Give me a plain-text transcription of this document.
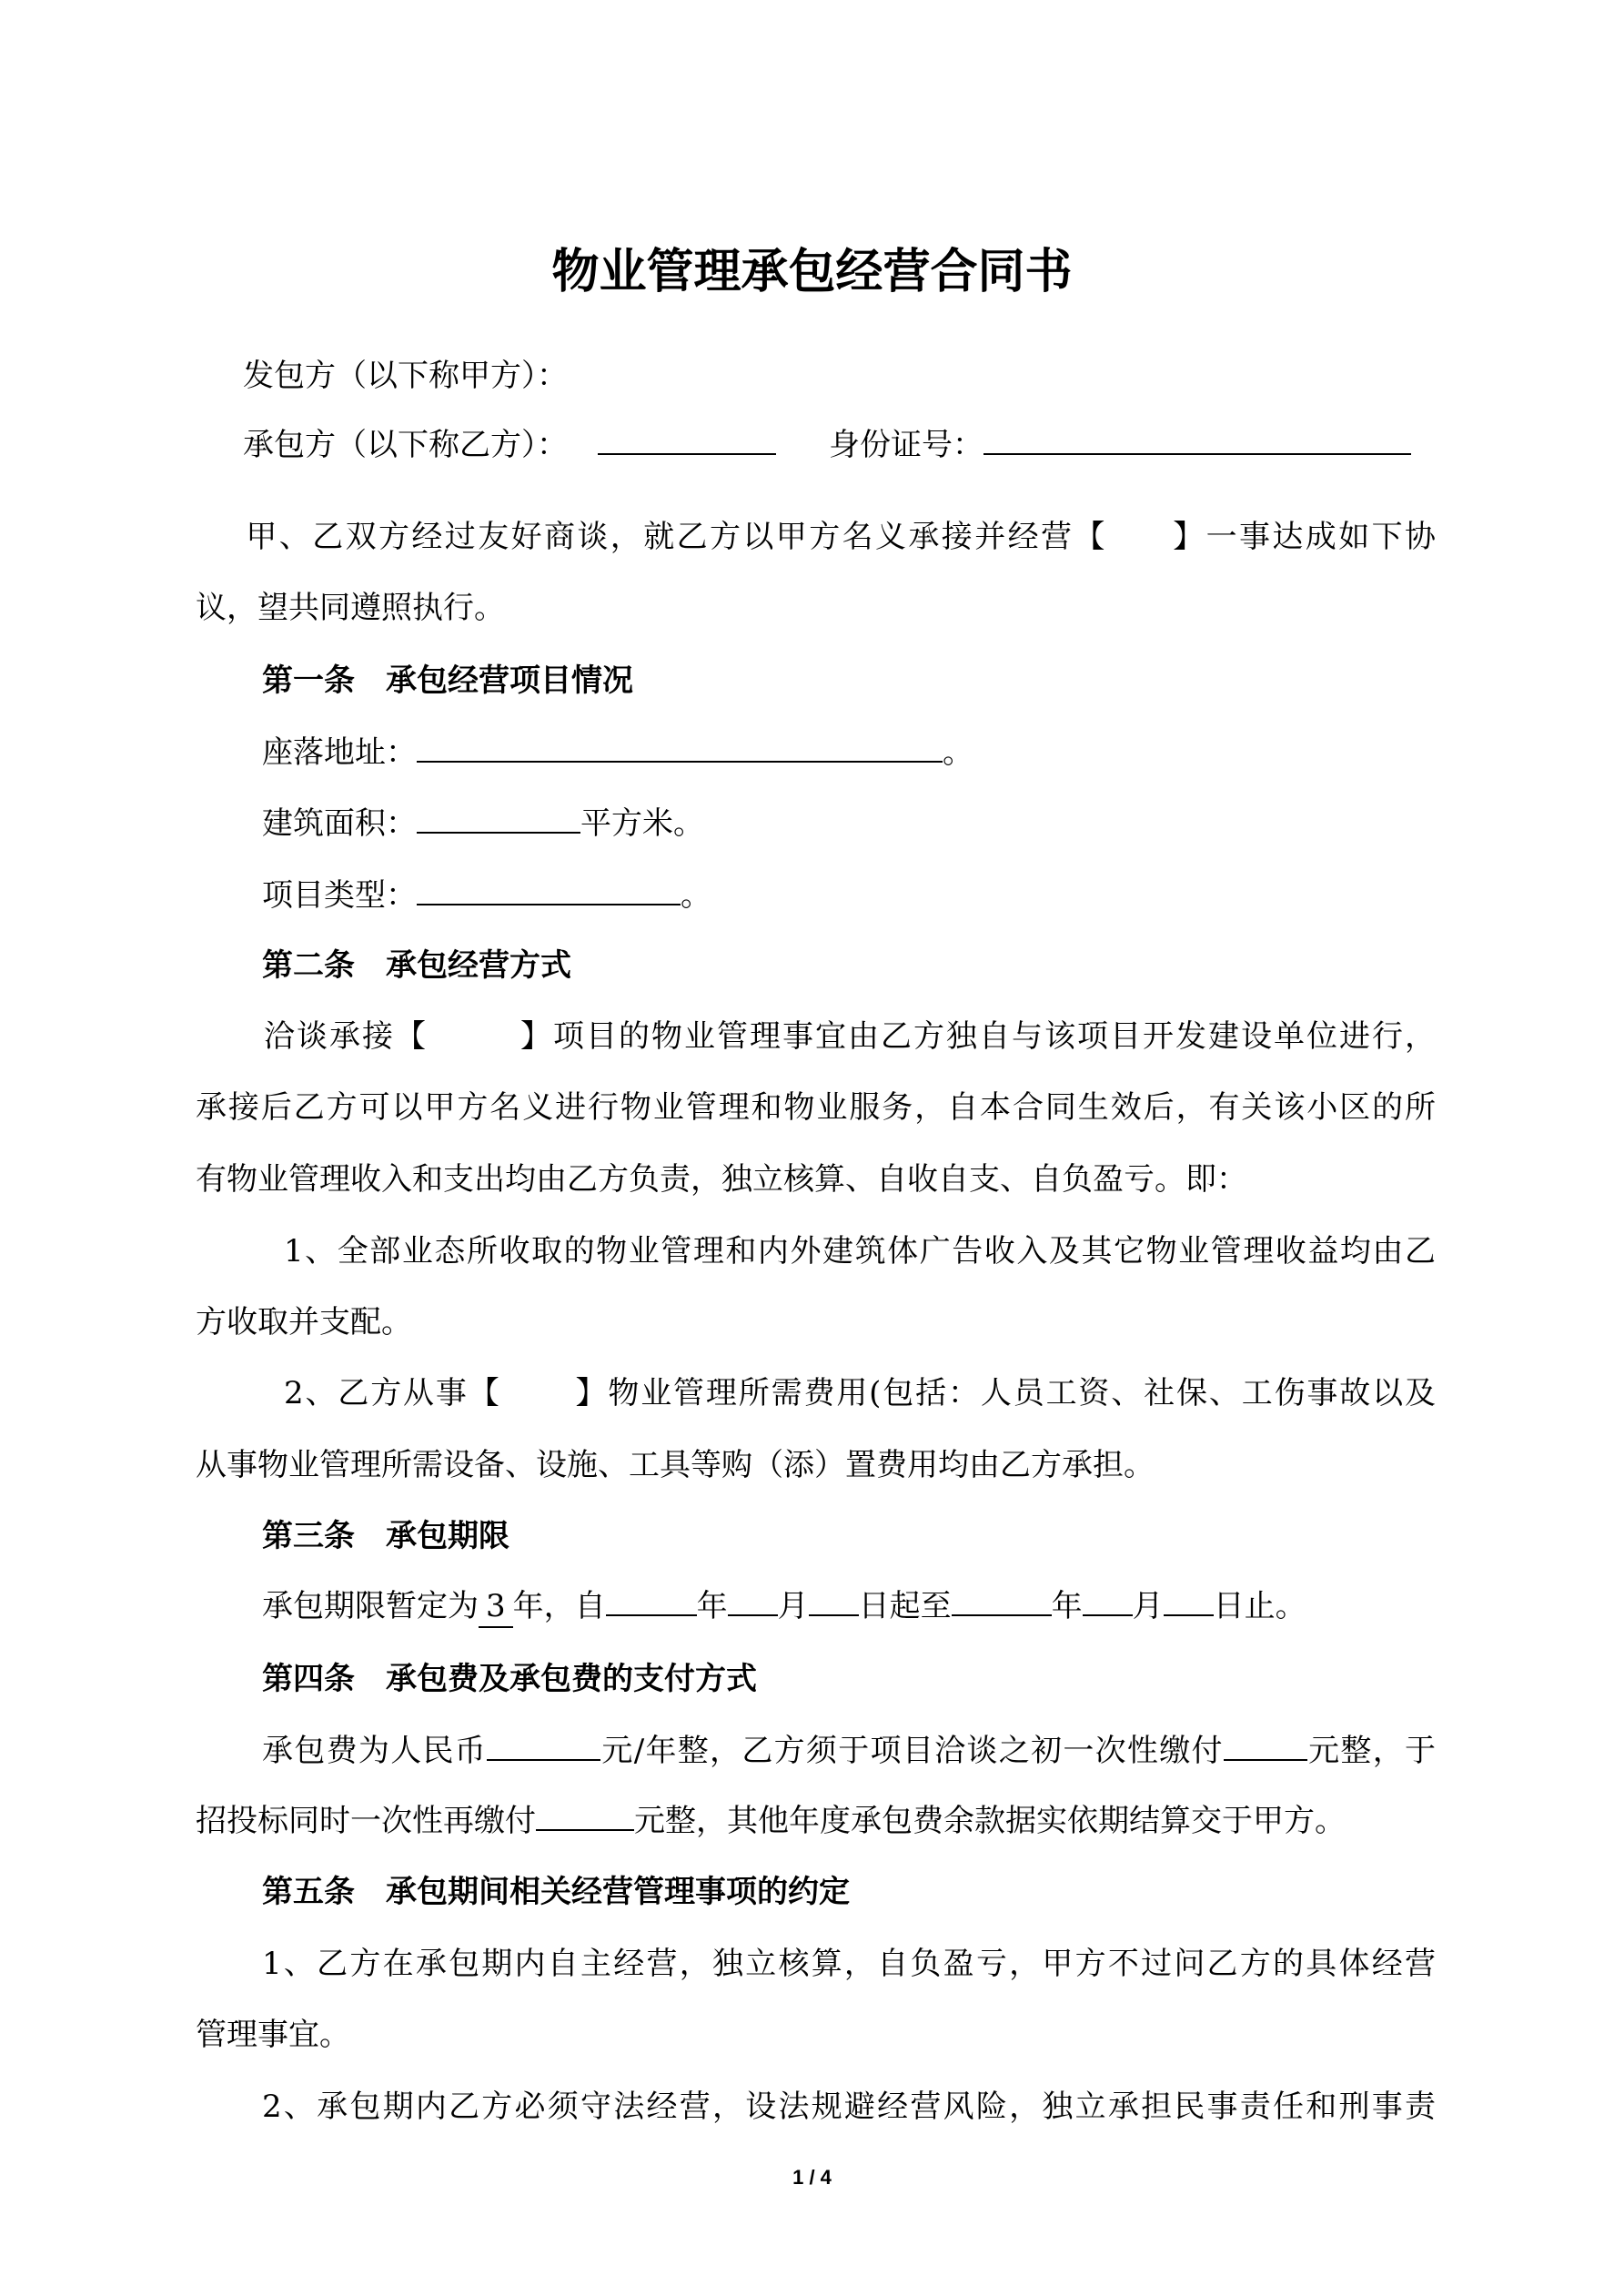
物业管理承包经营合同书
发包方（以下称甲方）：
承包方（以下称乙方）：	身份证号：
甲、乙双方经过友好商谈，就乙方以甲方名义承接并经营【 】一事达成如下协
议，望共同遵照执行。
第一条　承包经营项目情况
座落地址：	。
建筑面积：	平方米。
项目类型：	。
第二条　承包经营方式
洽谈承接【	】项目的物业管理事宜由乙方独自与该项目开发建设单位进行，
承接后乙方可以甲方名义进行物业管理和物业服务，自本合同生效后，有关该小区的所
有物业管理收入和支出均由乙方负责，独立核算、自收自支、自负盈亏。即：
1、全部业态所收取的物业管理和内外建筑体广告收入及其它物业管理收益均由乙
方收取并支配。
2、乙方从事【 】物业管理所需费用(包括：人员工资、社保、工伤事故以及
从事物业管理所需设备、设施、工具等购（添）置费用均由乙方承担。
第三条　承包期限
承包期限暂定为 3 年，自	年 月 日起至	年 月 日止。
第四条　承包费及承包费的支付方式
承包费为人民币	元/年整，乙方须于项目洽谈之初一次性缴付	元整，于
招投标同时一次性再缴付	元整，其他年度承包费余款据实依期结算交于甲方。
第五条　承包期间相关经营管理事项的约定
1、乙方在承包期内自主经营，独立核算，自负盈亏，甲方不过问乙方的具体经营
管理事宜。
2、承包期内乙方必须守法经营，设法规避经营风险，独立承担民事责任和刑事责
1 / 4
